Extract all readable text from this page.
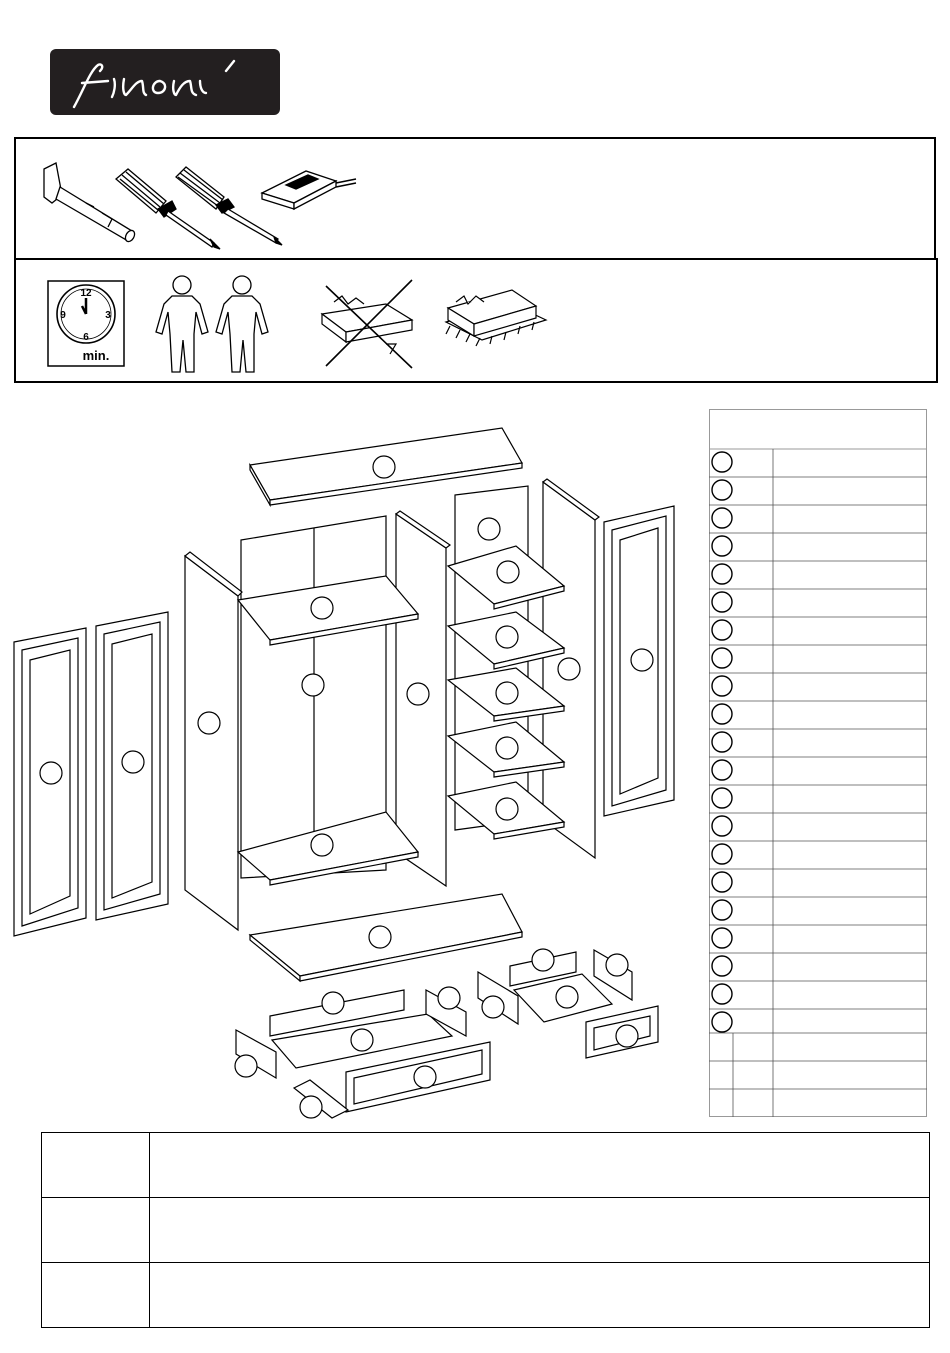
12
3
6
9
min.
